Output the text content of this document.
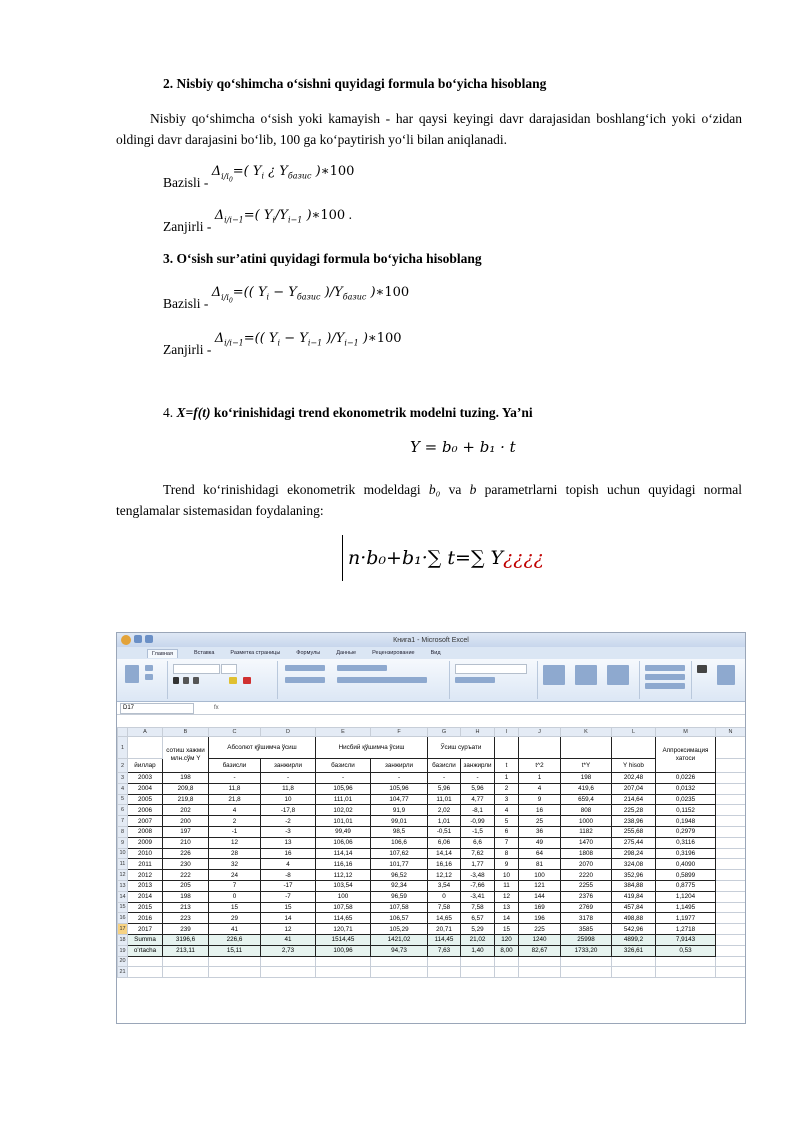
2. Nisbiy qo‘shimcha o‘sishni quyidagi formula bo‘yicha hisoblang
Nisbiy qo‘shimcha o‘sish yoki kamayish - har qaysi keyingi davr darajasidan boshlang‘ich yoki o‘zidan oldingi davr darajasini bo‘lib, 100 ga ko‘paytirish yo‘li bilan aniqlanadi.
Bazisli - $\Delta_{i/i_0}=$( $Y_i$ ¿ $Y_{базис}$ )∗100
Zanjirli - $\Delta_{i/i-1}=$( $Y_i/Y_{i-1}$ )∗100 .
3. O‘sish sur’atini quyidagi formula bo‘yicha hisoblang
Bazisli - $\Delta_{i/i_0}=$(( $Y_i - Y_{базис}$ )$/Y_{базис}$ )∗100
Zanjirli - $\Delta_{i/i-1}=$(( $Y_i - Y_{i-1}$ )$/Y_{i-1}$ )∗100
4. X=f(t) ko‘rinishidagi trend ekonometrik modelni tuzing. Ya’ni
Y = b₀ + b₁ · t
Trend ko‘rinishidagi ekonometrik modeldagi b₀ va b parametrlarni topish uchun quyidagi normal tenglamalar sistemasidan foydalaning:
n·b₀+b₁·∑ t=∑ Y¿¿¿¿
Книга1 - Microsoft Excel
Главная	Вставка	Разметка страницы	Формулы	Данные	Рецензирование	Вид
D17	fx
	A	B	C	D	E	F	G	H	I	J	K	L	M	N
1		сотиш хажми млн.сўм Y	Абсолют қўшимча ўсиш		Нисбий қўшимча ўсиш		Ўсиш суръати						Аппроксимация хатоси	
2	йиллар		базисли	занжирли	базисли	занжирли	базисли	занжирли	t	t^2	t*Y	Y hisob		
3	2003	198	-	-	-	-	-	-	1	1	198	202,48	0,0226	
4	2004	209,8	11,8	11,8	105,96	105,96	5,96	5,96	2	4	419,6	207,04	0,0132	
5	2005	219,8	21,8	10	111,01	104,77	11,01	4,77	3	9	659,4	214,64	0,0235	
6	2006	202	4	-17,8	102,02	91,9	2,02	-8,1	4	16	808	225,28	0,1152	
7	2007	200	2	-2	101,01	99,01	1,01	-0,99	5	25	1000	238,96	0,1948	
8	2008	197	-1	-3	99,49	98,5	-0,51	-1,5	6	36	1182	255,68	0,2979	
9	2009	210	12	13	106,06	106,6	6,06	6,6	7	49	1470	275,44	0,3116	
10	2010	226	28	16	114,14	107,62	14,14	7,62	8	64	1808	298,24	0,3196	
11	2011	230	32	4	116,16	101,77	16,16	1,77	9	81	2070	324,08	0,4090	
12	2012	222	24	-8	112,12	96,52	12,12	-3,48	10	100	2220	352,96	0,5899	
13	2013	205	7	-17	103,54	92,34	3,54	-7,66	11	121	2255	384,88	0,8775	
14	2014	198	0	-7	100	96,59	0	-3,41	12	144	2376	419,84	1,1204	
15	2015	213	15	15	107,58	107,58	7,58	7,58	13	169	2769	457,84	1,1495	
16	2016	223	29	14	114,65	106,57	14,65	6,57	14	196	3178	498,88	1,1977	
17	2017	239	41	12	120,71	105,29	20,71	5,29	15	225	3585	542,96	1,2718	
18	Summa	3196,6	226,6	41	1514,45	1421,02	114,45	21,02	120	1240	25998	4899,2	7,9143	
19	o'rtacha	213,11	15,11	2,73	100,96	94,73	7,63	1,40	8,00	82,67	1733,20	326,61	0,53	
20														
21														
